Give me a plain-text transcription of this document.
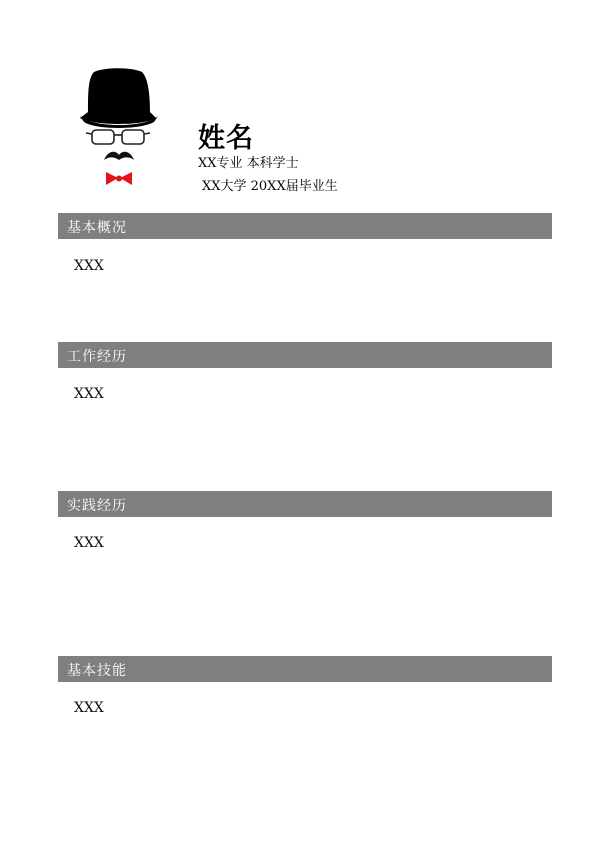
姓名
XX专业 本科学士
XX大学 20XX届毕业生
基本概况
XXX
工作经历
XXX
实践经历
XXX
基本技能
XXX
